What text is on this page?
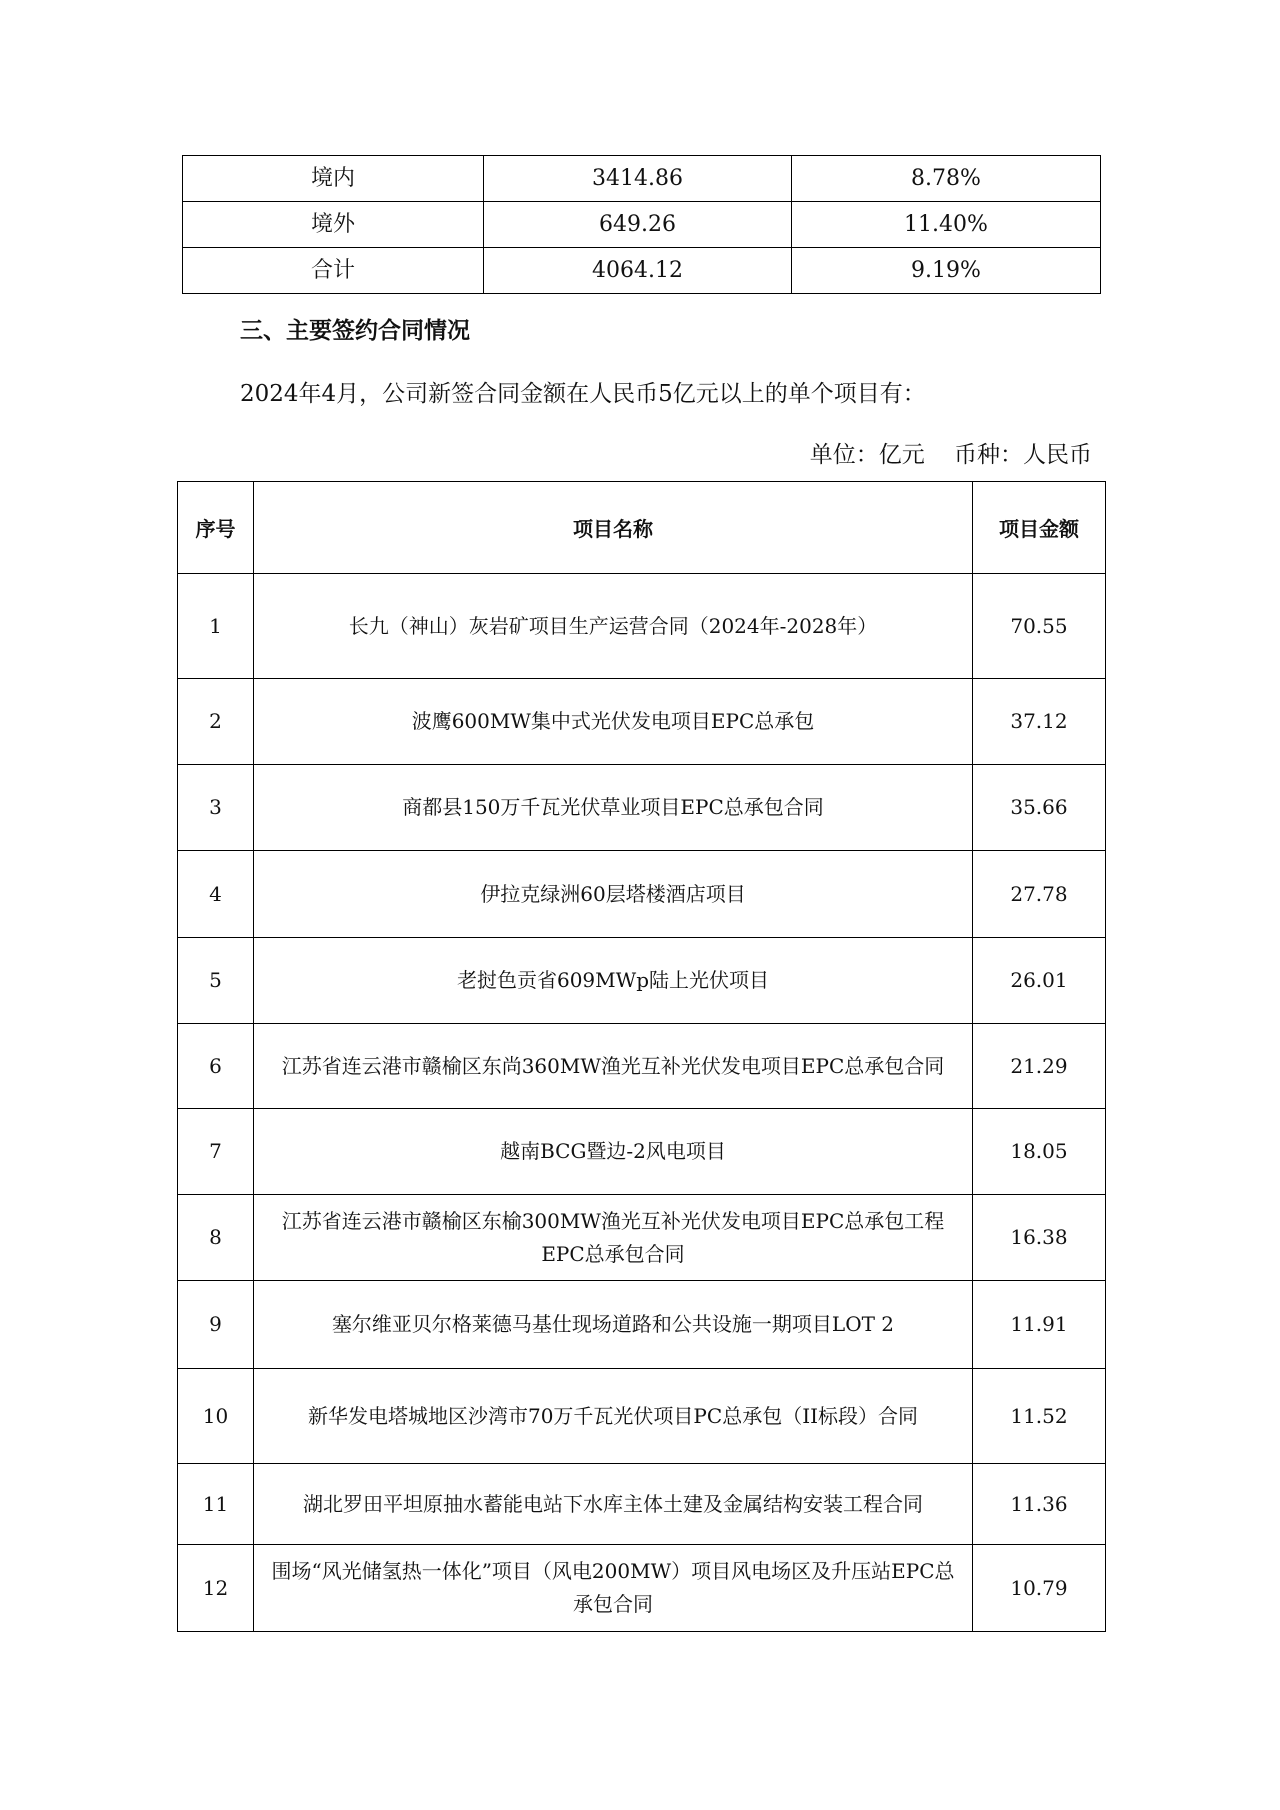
境内	3414.86	8.78%
境外	649.26	11.40%
合计	4064.12	9.19%
三、主要签约合同情况

2024年4月，公司新签合同金额在人民币5亿元以上的单个项目有：

单位：亿元    币种：人民币

序号	项目名称	项目金额
1	长九（神山）灰岩矿项目生产运营合同（2024年-2028年）	70.55
2	波鹰600MW集中式光伏发电项目EPC总承包	37.12
3	商都县150万千瓦光伏草业项目EPC总承包合同	35.66
4	伊拉克绿洲60层塔楼酒店项目	27.78
5	老挝色贡省609MWp陆上光伏项目	26.01
6	江苏省连云港市赣榆区东尚360MW渔光互补光伏发电项目EPC总承包合同	21.29
7	越南BCG暨边-2风电项目	18.05
8	江苏省连云港市赣榆区东榆300MW渔光互补光伏发电项目EPC总承包工程EPC总承包合同	16.38
9	塞尔维亚贝尔格莱德马基仕现场道路和公共设施一期项目LOT 2	11.91
10	新华发电塔城地区沙湾市70万千瓦光伏项目PC总承包（II标段）合同	11.52
11	湖北罗田平坦原抽水蓄能电站下水库主体土建及金属结构安装工程合同	11.36
12	围场“风光储氢热一体化”项目（风电200MW）项目风电场区及升压站EPC总承包合同	10.79
